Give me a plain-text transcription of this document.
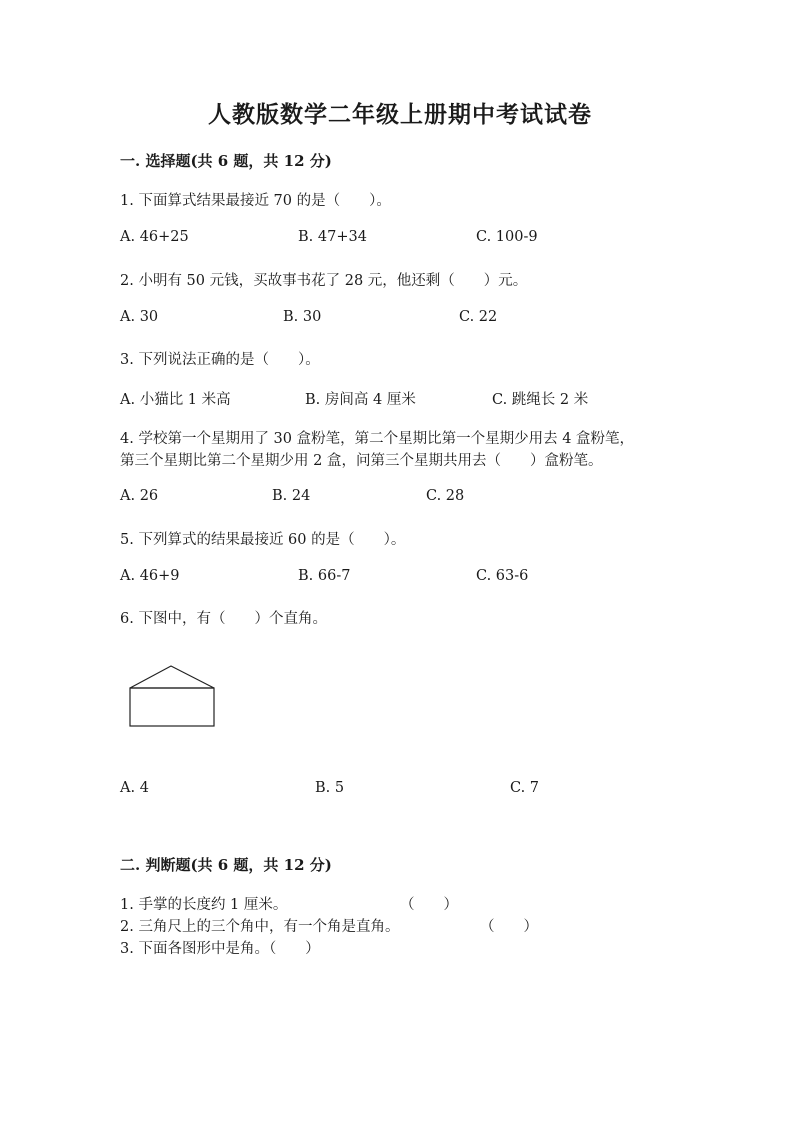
人教版数学二年级上册期中考试试卷
一. 选择题(共 6 题，共 12 分)
1. 下面算式结果最接近 70 的是（　　）。
A. 46+25	B. 47+34	C. 100-9
2. 小明有 50 元钱，买故事书花了 28 元，他还剩（　　）元。
A. 30	B. 30	C. 22
3. 下列说法正确的是（　　）。
A. 小猫比 1 米高	B. 房间高 4 厘米	C. 跳绳长 2 米
4. 学校第一个星期用了 30 盒粉笔，第二个星期比第一个星期少用去 4 盒粉笔，
第三个星期比第二个星期少用 2 盒，问第三个星期共用去（　　）盒粉笔。
A. 26	B. 24	C. 28
5. 下列算式的结果最接近 60 的是（　　）。
A. 46+9	B. 66-7	C. 63-6
6. 下图中，有（　　）个直角。
A. 4	B. 5	C. 7
二. 判断题(共 6 题，共 12 分)
1. 手掌的长度约 1 厘米。	（　　）
2. 三角尺上的三个角中，有一个角是直角。	（　　）
3. 下面各图形中是角。（　　）
